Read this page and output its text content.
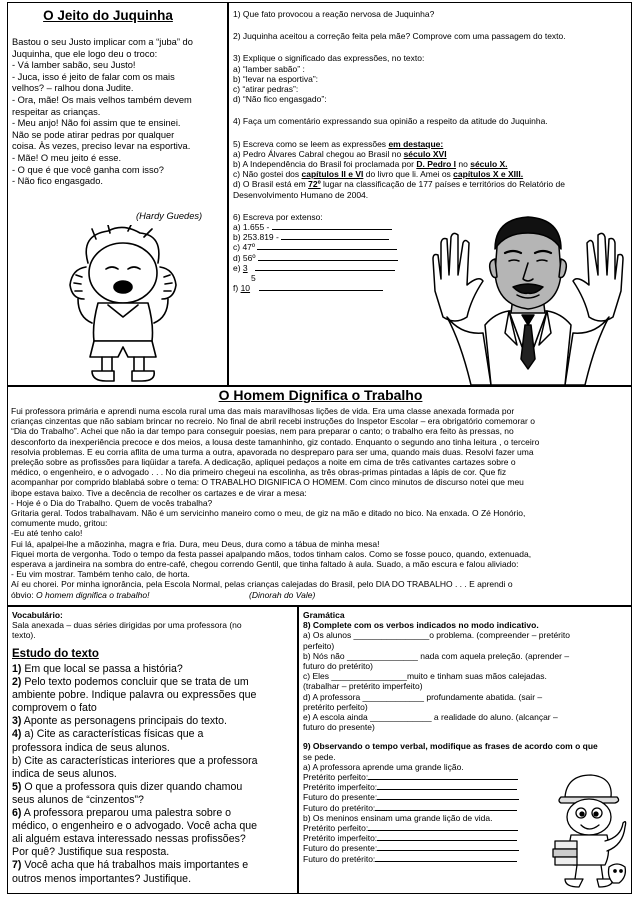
O Jeito do Juquinha

Bastou o seu Justo implicar com a “juba” do

Juquinha, que ele logo deu o troco:

- Vá lamber sabão, seu Justo!

- Juca, isso é jeito de falar com os mais

velhos? – ralhou dona Judite.

- Ora, mãe! Os mais velhos também devem

respeitar as crianças.

- Meu anjo! Não foi assim que te ensinei.

Não se pode atirar pedras por qualquer

coisa. Às vezes, preciso levar na esportiva.

- Mãe! O meu jeito é esse.

- O que é que você ganha com isso?

- Não fico engasgado.

(Hardy Guedes)

1) Que fato provocou a reação nervosa de Juquinha?

2) Juquinha aceitou a correção feita pela mãe? Comprove com uma passagem do texto.

3) Explique o significado das expressões, no texto:

a) “lamber sabão” :

b) “levar na esportiva”:

c) “atirar pedras”:

d) “Não fico engasgado”:

4) Faça um comentário expressando sua opinião a respeito da atitude do Juquinha.

5) Escreva como se leem as expressões em destaque:

a) Pedro Álvares Cabral chegou ao Brasil no século XVI

b) A Independência do Brasil foi proclamada por D. Pedro I no século X.

c) Não gostei dos capítulos II e VI do livro que li. Amei os capítulos X e XIII.

d) O Brasil está em 72º lugar na classificação de 177 países e territórios do Relatório de

Desenvolvimento Humano de 2004.

6) Escreva por extenso:

a) 1.655 -

b) 253.819 -

c) 47º

d) 56º

e) 3

5

f) 10

O Homem Dignifica o Trabalho

Fui professora primária e aprendi numa escola rural uma das mais maravilhosas lições de vida. Era uma classe anexada formada por

crianças cinzentas que não sabiam brincar no recreio. No final de abril recebi instruções do Inspetor Escolar – era obrigatório comemorar o

“Dia do Trabalho”. Achei que não ia dar tempo para conseguir poesias, nem para preparar o canto; o trabalho era feito às pressas, no

desconforto da inexperiência precoce e dos meios, a lousa deste tamanhinho, giz contado. Enquanto o segundo ano tinha leitura , o terceiro

resolvia problemas. E eu corria aflita de uma turma a outra, apavorada no despreparo para ser uma, quando mais duas. Resolvi fazer uma

preleção sobre as profissões para liqüidar a tarefa. A dedicação, apliquei pedaços a noite em cima de três cativantes cartazes sobre o

médico, o engenheiro, e o advogado . . . No dia primeiro chegeui na escolinha, as três obras-primas pintadas a lápis de cor. Que fiz

acompanhar por comprido blablabá sobre o tema: O TRABALHO DIGNIFICA O HOMEM. Com cinco minutos de discurso notei que meu

ibope estava baixo. Tive a decência de recolher os cartazes e de virar a mesa:

- Hoje é o Dia do Trabalho. Quem de vocês trabalha?

Gritaria geral. Todos trabalhavam. Não é um servicinho maneiro como o meu, de giz na mão e ditado no bico. Na enxada. O Zé Honório,

comumente mudo, gritou:

-Eu até tenho calo!

Fui lá, apalpei-lhe a mãozinha, magra e fria. Dura, meu Deus, dura como a tábua de minha mesa!

Fiquei morta de vergonha. Todo o tempo da festa passei apalpando mãos, todos tinham calos. Como se fosse pouco, quando, extenuada,

esperava a jardineira na sombra do entre-café, chegou correndo Gentil, que tinha faltado à aula. Suado, a mão escura e falou aliviado:

- Eu vim mostrar. Também tenho calo, de horta.

Aí eu chorei. Por minha ignorância, pela Escola Normal, pelas crianças calejadas do Brasil, pelo DIA DO TRABALHO . . . E aprendi o

óbvio: O homem dignifica o trabalho!	(Dinorah do Vale)

Vocabulário:
Sala anexada – duas séries dirigidas por uma professora (no
texto).
Estudo do texto

1) Em que local se passa a história?

2) Pelo texto podemos concluir que se trata de um

ambiente pobre. Indique palavra ou expressões que

comprovem o fato

3) Aponte as personagens principais do texto.

4) a) Cite as características físicas que a

professora indica de seus alunos.

b) Cite as características interiores que a professora

indica de seus alunos.

5) O que a professora quis dizer quando chamou

seus alunos de “cinzentos”?

6) A professora preparou uma palestra sobre o

médico, o engenheiro e o advogado. Você acha que

ali alguém estava interessado nessas profissões?

Por quê? Justifique sua resposta.

7) Você acha que há trabalhos mais importantes e

outros menos importantes? Justifique.

Gramática

8) Complete com os verbos indicados no modo indicativo.

a) Os alunos ________________o problema. (compreender – pretérito

perfeito)

b) Nós não _______________ nada com aquela preleção. (aprender –

futuro do pretérito)

c) Eles ________________muito e tinham suas mãos calejadas.

(trabalhar – pretérito imperfeito)

d) A professora _____________ profundamente abatida. (sair –

pretérito perfeito)

e) A escola ainda _____________ a realidade do aluno. (alcançar –

futuro do presente)

9) Observando o tempo verbal, modifique as frases de acordo com o que

se pede.

a) A professora aprende uma grande lição.

Pretérito perfeito:

Pretérito imperfeito:

Futuro do presente:

Futuro do pretérito:

b) Os meninos ensinam uma grande lição de vida.

Pretérito perfeito:

Pretérito imperfeito:

Futuro do presente:

Futuro do pretérito:
